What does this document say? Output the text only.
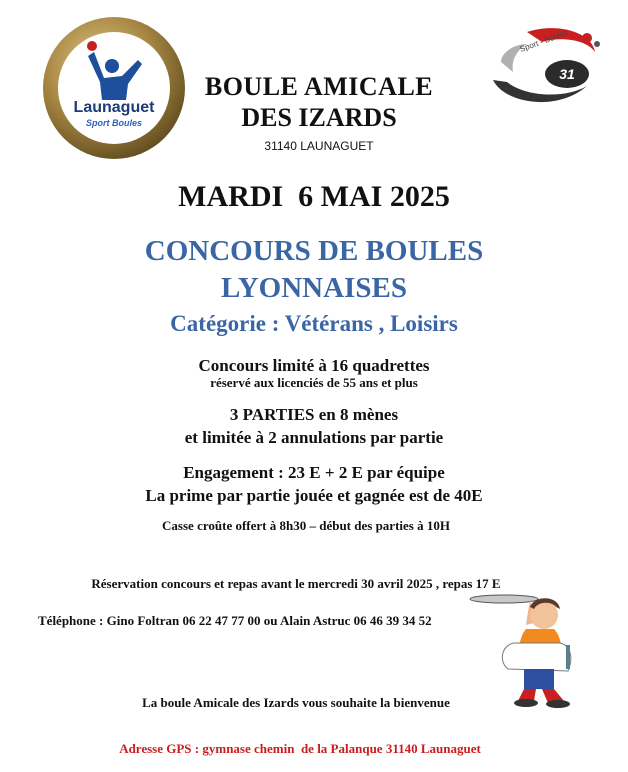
Launaguet
Sport Boules
31
Sport - Boules
BOULE AMICALE
DES IZARDS
31140 LAUNAGUET
MARDI  6 MAI 2025
CONCOURS DE BOULES
LYONNAISES
Catégorie : Vétérans , Loisirs
Concours limité à 16 quadrettes
réservé aux licenciés de 55 ans et plus
3 PARTIES en 8 mènes
et limitée à 2 annulations par partie
Engagement : 23 E + 2 E par équipe
La prime par partie jouée et gagnée est de 40E
Casse croûte offert à 8h30 – début des parties à 10H
Réservation concours et repas avant le mercredi 30 avril 2025 , repas 17 E
Téléphone : Gino Foltran 06 22 47 77 00 ou Alain Astruc 06 46 39 34 52
La boule Amicale des Izards vous souhaite la bienvenue
Adresse GPS : gymnase chemin  de la Palanque 31140 Launaguet
